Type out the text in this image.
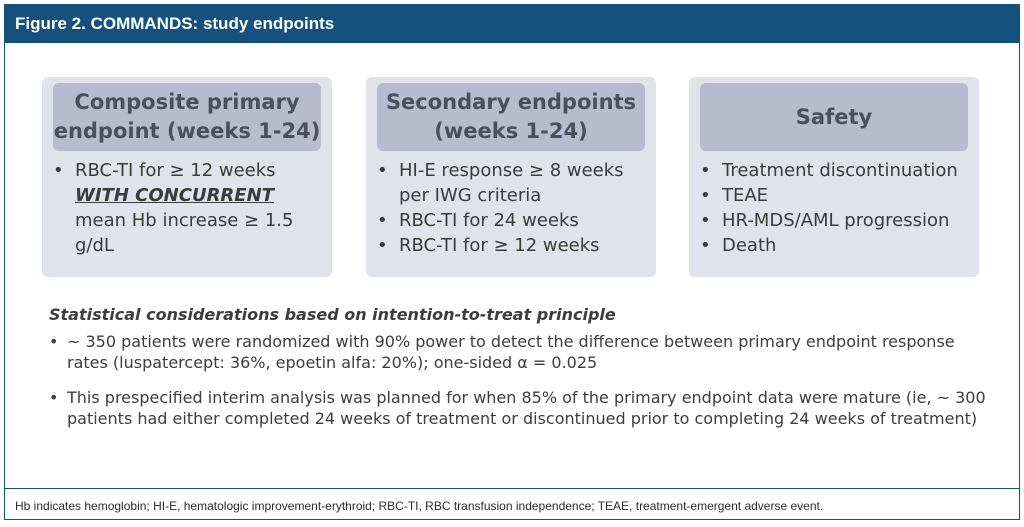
Figure 2. COMMANDS: study endpoints
Composite primary endpoint (weeks 1-24)
• RBC-TI for ≥ 12 weeks
WITH CONCURRENT mean Hb increase ≥ 1.5 g/dL
Secondary endpoints (weeks 1-24)
• HI-E response ≥ 8 weeks per IWG criteria
• RBC-TI for 24 weeks
• RBC-TI for ≥ 12 weeks
Safety
• Treatment discontinuation
• TEAE
• HR-MDS/AML progression
• Death
Statistical considerations based on intention-to-treat principle
• ~ 350 patients were randomized with 90% power to detect the difference between primary endpoint response rates (luspatercept: 36%, epoetin alfa: 20%); one-sided α = 0.025
• This prespecified interim analysis was planned for when 85% of the primary endpoint data were mature (ie, ~ 300 patients had either completed 24 weeks of treatment or discontinued prior to completing 24 weeks of treatment)
Hb indicates hemoglobin; HI-E, hematologic improvement-erythroid; RBC-TI, RBC transfusion independence; TEAE, treatment-emergent adverse event.
